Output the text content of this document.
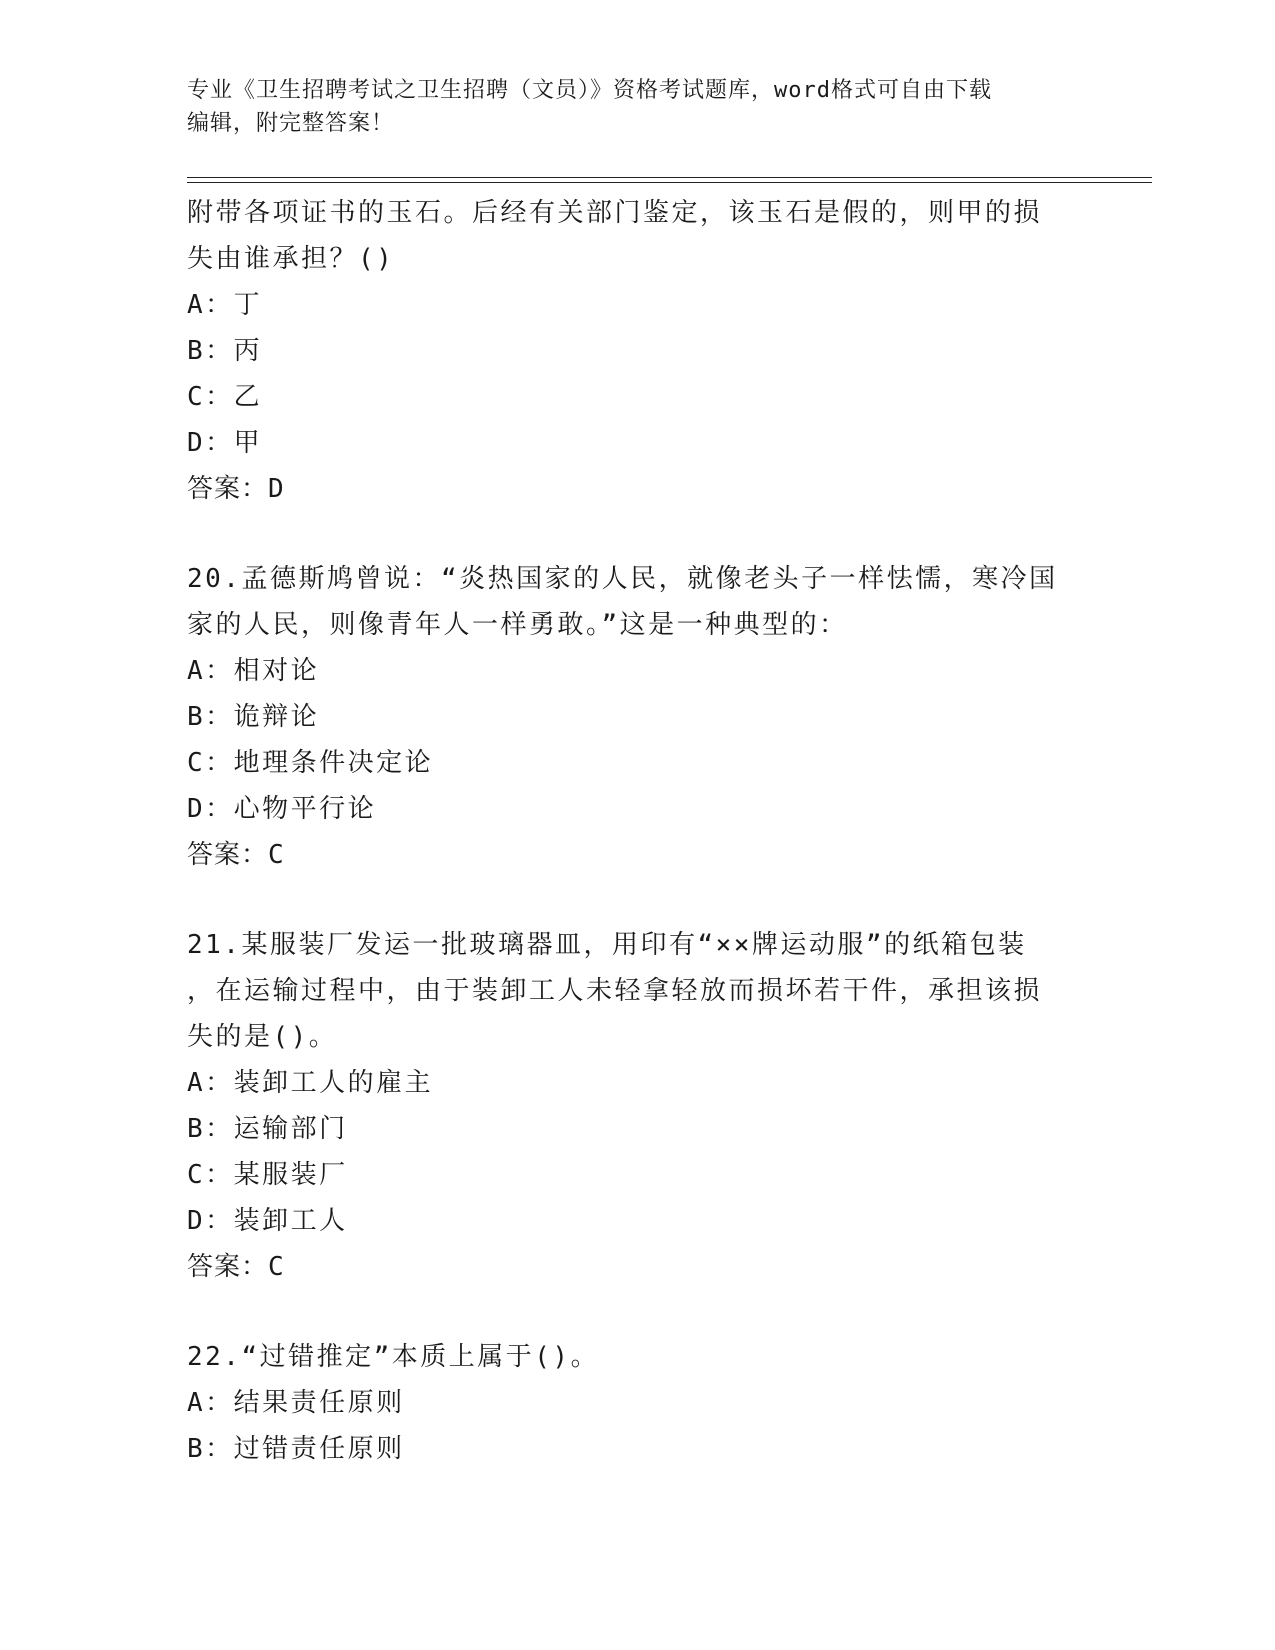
专业《卫生招聘考试之卫生招聘（文员）》资格考试题库，word格式可自由下载
编辑，附完整答案！
附带各项证书的玉石。后经有关部门鉴定，该玉石是假的，则甲的损
失由谁承担？()
A：丁
B：丙
C：乙
D：甲
答案：D
20.孟德斯鸠曾说：“炎热国家的人民，就像老头子一样怯懦，寒冷国
家的人民，则像青年人一样勇敢。”这是一种典型的：
A：相对论
B：诡辩论
C：地理条件决定论
D：心物平行论
答案：C
21.某服装厂发运一批玻璃器皿，用印有“××牌运动服”的纸箱包装
，在运输过程中，由于装卸工人未轻拿轻放而损坏若干件，承担该损
失的是()。
A：装卸工人的雇主
B：运输部门
C：某服装厂
D：装卸工人
答案：C
22.“过错推定”本质上属于()。
A：结果责任原则
B：过错责任原则
